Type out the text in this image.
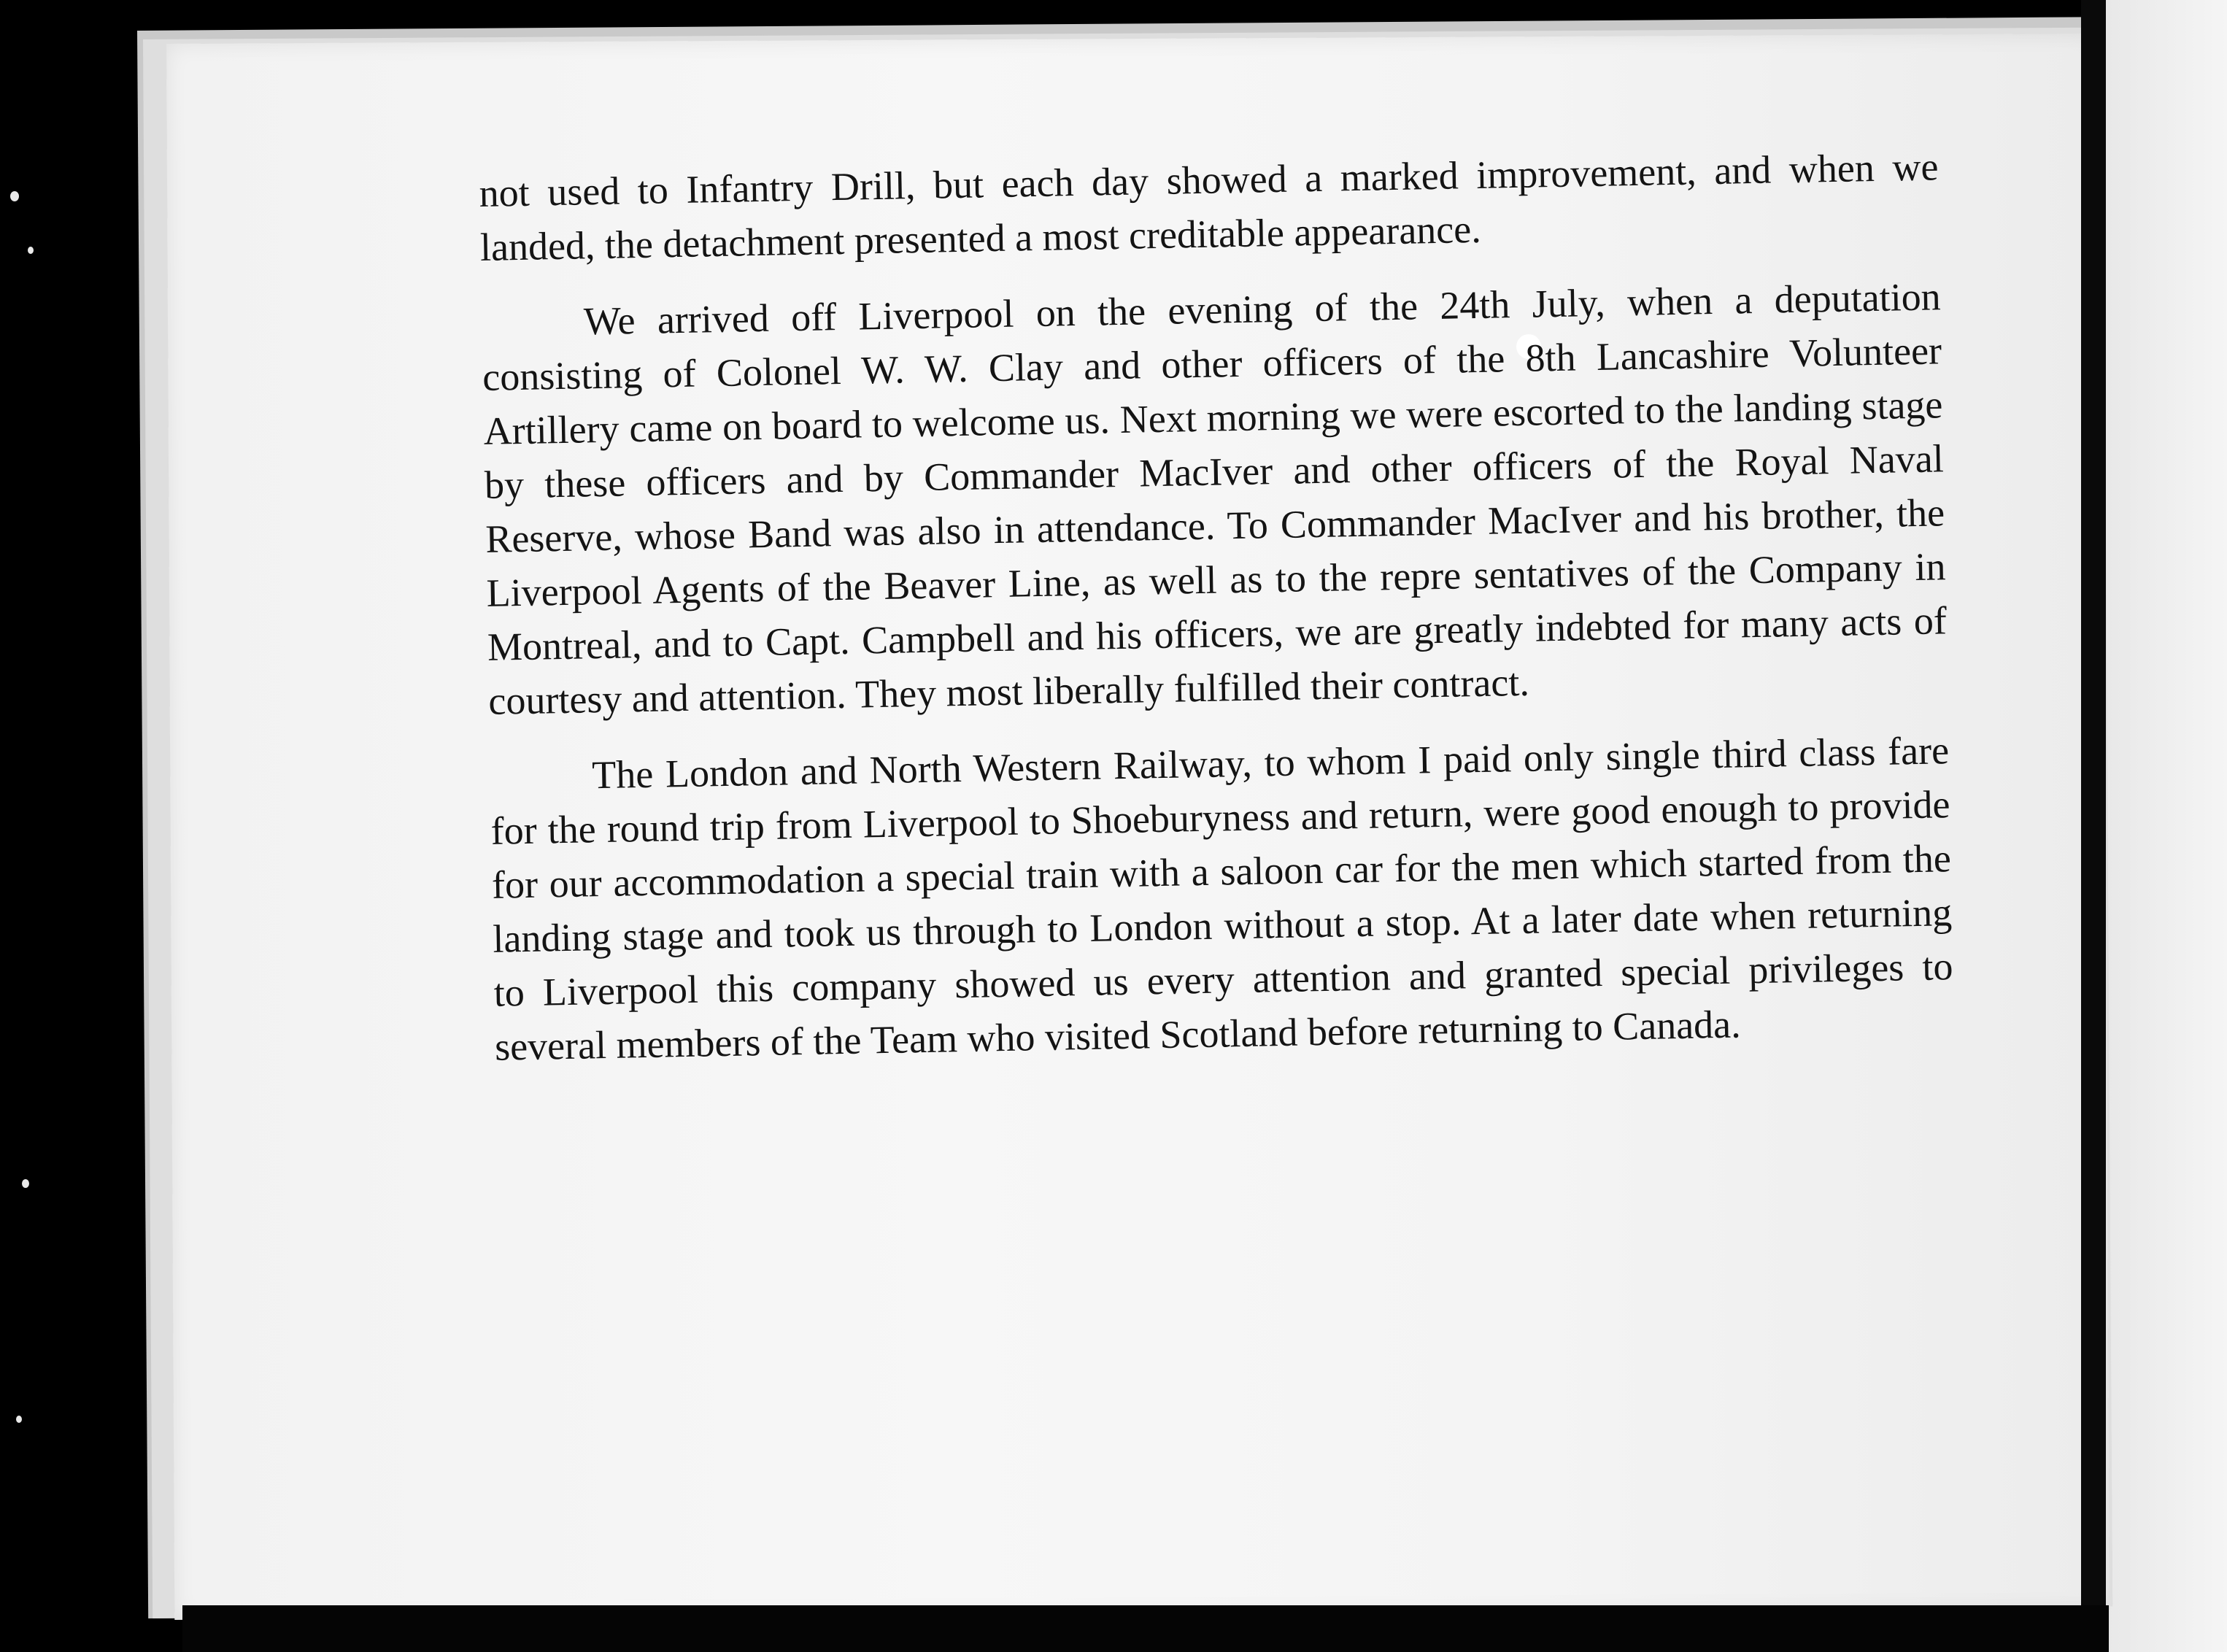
not used to Infantry Drill, but each day showed a marked improvement, and when we landed, the detachment presented a most creditable appearance.

We arrived off Liverpool on the evening of the 24th July, when a deputation consisting of Colonel W. W. Clay and other officers of the 8th Lancashire Volunteer Artillery came on board to welcome us. Next morning we were escorted to the landing stage by these officers and by Commander MacIver and other officers of the Royal Naval Reserve, whose Band was also in attendance. To Commander MacIver and his brother, the Liverpool Agents of the Beaver Line, as well as to the repre sentatives of the Company in Montreal, and to Capt. Campbell and his officers, we are greatly indebted for many acts of courtesy and attention. They most liberally fulfilled their contract.

The London and North Western Railway, to whom I paid only single third class fare for the round trip from Liverpool to Shoeburyness and return, were good enough to provide for our accommodation a special train with a saloon car for the men which started from the landing stage and took us through to London without a stop. At a later date when returning to Liverpool this company showed us every attention and granted special privileges to several members of the Team who visited Scotland before returning to Canada.
